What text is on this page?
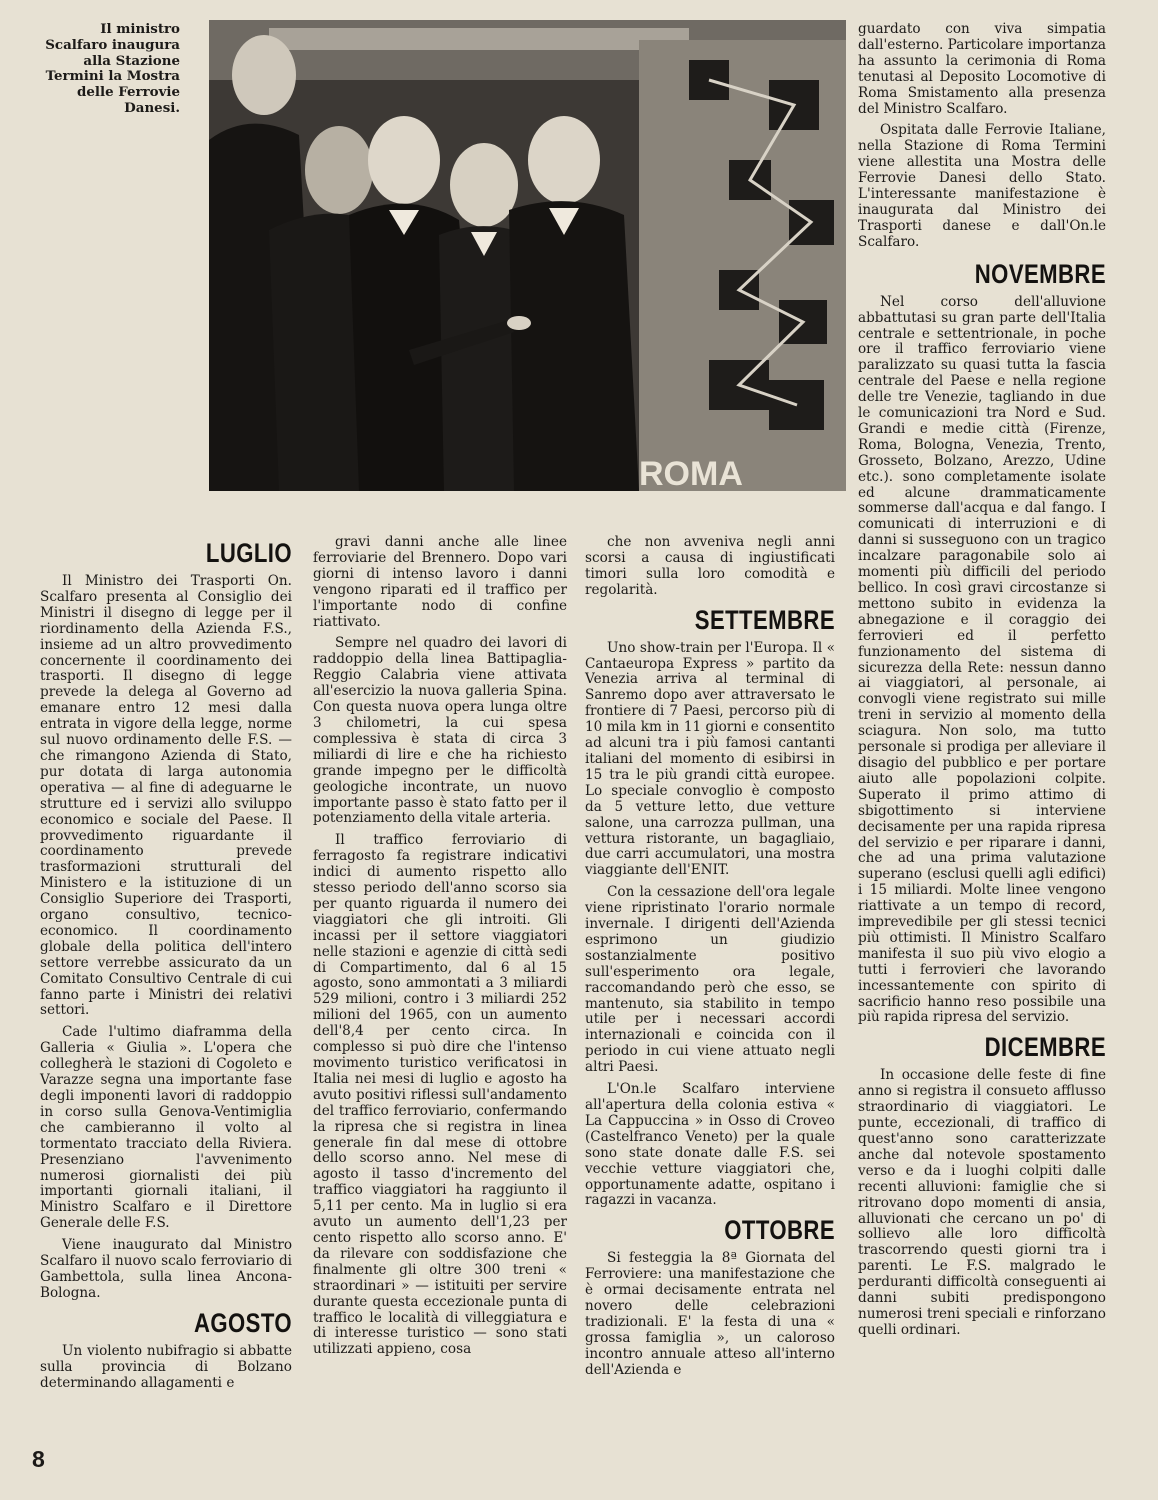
Il ministro Scalfaro inaugura alla Stazione Termini la Mostra delle Ferrovie Danesi.
ROMA
LUGLIO

Il Ministro dei Trasporti On. Scalfaro presenta al Consiglio dei Ministri il disegno di legge per il riordinamento della Azienda F.S., insieme ad un altro provvedimento concernente il coordinamento dei trasporti. Il disegno di legge prevede la delega al Governo ad emanare entro 12 mesi dalla entrata in vigore della legge, norme sul nuovo ordinamento delle F.S. — che rimangono Azienda di Stato, pur dotata di larga autonomia operativa — al fine di adeguarne le strutture ed i servizi allo sviluppo economico e sociale del Paese. Il provvedimento riguardante il coordinamento prevede trasformazioni strutturali del Ministero e la istituzione di un Consiglio Superiore dei Trasporti, organo consultivo, tecnico-economico. Il coordinamento globale della politica dell'intero settore verrebbe assicurato da un Comitato Consultivo Centrale di cui fanno parte i Ministri dei relativi settori.

Cade l'ultimo diaframma della Galleria « Giulia ». L'opera che collegherà le stazioni di Cogoleto e Varazze segna una importante fase degli imponenti lavori di raddoppio in corso sulla Genova-Ventimiglia che cambieranno il volto al tormentato tracciato della Riviera. Presenziano l'avvenimento numerosi giornalisti dei più importanti giornali italiani, il Ministro Scalfaro e il Direttore Generale delle F.S.

Viene inaugurato dal Ministro Scalfaro il nuovo scalo ferroviario di Gambettola, sulla linea Ancona-Bologna.

AGOSTO

Un violento nubifragio si abbatte sulla provincia di Bolzano determinando allagamenti e

gravi danni anche alle linee ferroviarie del Brennero. Dopo vari giorni di intenso lavoro i danni vengono riparati ed il traffico per l'importante nodo di confine riattivato.

Sempre nel quadro dei lavori di raddoppio della linea Battipaglia-Reggio Calabria viene attivata all'esercizio la nuova galleria Spina. Con questa nuova opera lunga oltre 3 chilometri, la cui spesa complessiva è stata di circa 3 miliardi di lire e che ha richiesto grande impegno per le difficoltà geologiche incontrate, un nuovo importante passo è stato fatto per il potenziamento della vitale arteria.

Il traffico ferroviario di ferragosto fa registrare indicativi indici di aumento rispetto allo stesso periodo dell'anno scorso sia per quanto riguarda il numero dei viaggiatori che gli introiti. Gli incassi per il settore viaggiatori nelle stazioni e agenzie di città sedi di Compartimento, dal 6 al 15 agosto, sono ammontati a 3 miliardi 529 milioni, contro i 3 miliardi 252 milioni del 1965, con un aumento dell'8,4 per cento circa. In complesso si può dire che l'intenso movimento turistico verificatosi in Italia nei mesi di luglio e agosto ha avuto positivi riflessi sull'andamento del traffico ferroviario, confermando la ripresa che si registra in linea generale fin dal mese di ottobre dello scorso anno. Nel mese di agosto il tasso d'incremento del traffico viaggiatori ha raggiunto il 5,11 per cento. Ma in luglio si era avuto un aumento dell'1,23 per cento rispetto allo scorso anno. E' da rilevare con soddisfazione che finalmente gli oltre 300 treni « straordinari » — istituiti per servire durante questa eccezionale punta di traffico le località di villeggiatura e di interesse turistico — sono stati utilizzati appieno, cosa

che non avveniva negli anni scorsi a causa di ingiustificati timori sulla loro comodità e regolarità.

SETTEMBRE

Uno show-train per l'Europa. Il « Cantaeuropa Express » partito da Venezia arriva al terminal di Sanremo dopo aver attraversato le frontiere di 7 Paesi, percorso più di 10 mila km in 11 giorni e consentito ad alcuni tra i più famosi cantanti italiani del momento di esibirsi in 15 tra le più grandi città europee. Lo speciale convoglio è composto da 5 vetture letto, due vetture salone, una carrozza pullman, una vettura ristorante, un bagagliaio, due carri accumulatori, una mostra viaggiante dell'ENIT.

Con la cessazione dell'ora legale viene ripristinato l'orario normale invernale. I dirigenti dell'Azienda esprimono un giudizio sostanzialmente positivo sull'esperimento ora legale, raccomandando però che esso, se mantenuto, sia stabilito in tempo utile per i necessari accordi internazionali e coincida con il periodo in cui viene attuato negli altri Paesi.

L'On.le Scalfaro interviene all'apertura della colonia estiva « La Cappuccina » in Osso di Croveo (Castelfranco Veneto) per la quale sono state donate dalle F.S. sei vecchie vetture viaggiatori che, opportunamente adatte, ospitano i ragazzi in vacanza.

OTTOBRE

Si festeggia la 8ª Giornata del Ferroviere: una manifestazione che è ormai decisamente entrata nel novero delle celebrazioni tradizionali. E' la festa di una « grossa famiglia », un caloroso incontro annuale atteso all'interno dell'Azienda e

guardato con viva simpatia dall'esterno. Particolare importanza ha assunto la cerimonia di Roma tenutasi al Deposito Locomotive di Roma Smistamento alla presenza del Ministro Scalfaro.

Ospitata dalle Ferrovie Italiane, nella Stazione di Roma Termini viene allestita una Mostra delle Ferrovie Danesi dello Stato. L'interessante manifestazione è inaugurata dal Ministro dei Trasporti danese e dall'On.le Scalfaro.

NOVEMBRE

Nel corso dell'alluvione abbattutasi su gran parte dell'Italia centrale e settentrionale, in poche ore il traffico ferroviario viene paralizzato su quasi tutta la fascia centrale del Paese e nella regione delle tre Venezie, tagliando in due le comunicazioni tra Nord e Sud. Grandi e medie città (Firenze, Roma, Bologna, Venezia, Trento, Grosseto, Bolzano, Arezzo, Udine etc.). sono completamente isolate ed alcune drammaticamente sommerse dall'acqua e dal fango. I comunicati di interruzioni e di danni si susseguono con un tragico incalzare paragonabile solo ai momenti più difficili del periodo bellico. In così gravi circostanze si mettono subito in evidenza la abnegazione e il coraggio dei ferrovieri ed il perfetto funzionamento del sistema di sicurezza della Rete: nessun danno ai viaggiatori, al personale, ai convogli viene registrato sui mille treni in servizio al momento della sciagura. Non solo, ma tutto personale si prodiga per alleviare il disagio del pubblico e per portare aiuto alle popolazioni colpite. Superato il primo attimo di sbigottimento si interviene decisamente per una rapida ripresa del servizio e per riparare i danni, che ad una prima valutazione superano (esclusi quelli agli edifici) i 15 miliardi. Molte linee vengono riattivate a un tempo di record, imprevedibile per gli stessi tecnici più ottimisti. Il Ministro Scalfaro manifesta il suo più vivo elogio a tutti i ferrovieri che lavorando incessantemente con spirito di sacrificio hanno reso possibile una più rapida ripresa del servizio.

DICEMBRE

In occasione delle feste di fine anno si registra il consueto afflusso straordinario di viaggiatori. Le punte, eccezionali, di traffico di quest'anno sono caratterizzate anche dal notevole spostamento verso e da i luoghi colpiti dalle recenti alluvioni: famiglie che si ritrovano dopo momenti di ansia, alluvionati che cercano un po' di sollievo alle loro difficoltà trascorrendo questi giorni tra i parenti. Le F.S. malgrado le perduranti difficoltà conseguenti ai danni subiti predispongono numerosi treni speciali e rinforzano quelli ordinari.

8
